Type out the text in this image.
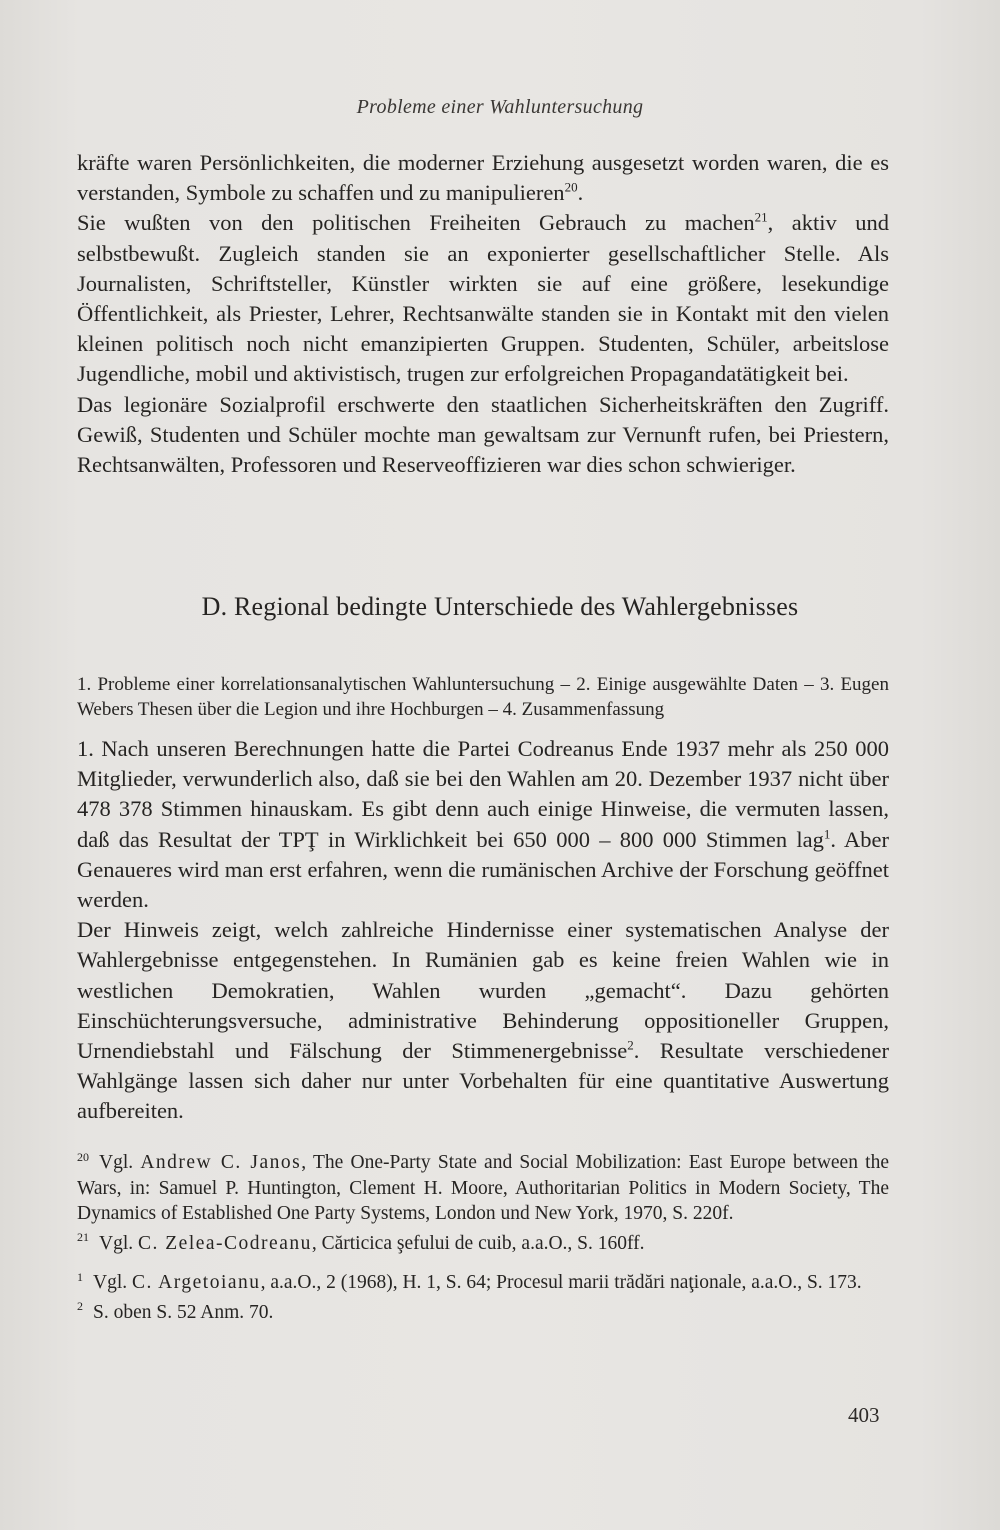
Probleme einer Wahluntersuchung

kräfte waren Persönlichkeiten, die moderner Erziehung ausgesetzt worden waren, die es verstanden, Symbole zu schaffen und zu manipulieren$^{20}$.

Sie wußten von den politischen Freiheiten Gebrauch zu machen$^{21}$, aktiv und selbstbewußt. Zugleich standen sie an exponierter gesellschaftlicher Stelle. Als Journalisten, Schriftsteller, Künstler wirkten sie auf eine größere, lesekundige Öffentlichkeit, als Priester, Lehrer, Rechtsanwälte standen sie in Kontakt mit den vielen kleinen politisch noch nicht emanzipierten Gruppen. Studenten, Schüler, arbeitslose Jugendliche, mobil und aktivistisch, trugen zur erfolgreichen Propagandatätigkeit bei.

Das legionäre Sozialprofil erschwerte den staatlichen Sicherheitskräften den Zugriff. Gewiß, Studenten und Schüler mochte man gewaltsam zur Vernunft rufen, bei Priestern, Rechtsanwälten, Professoren und Reserveoffizieren war dies schon schwieriger.

D. Regional bedingte Unterschiede des Wahlergebnisses
1. Probleme einer korrelationsanalytischen Wahluntersuchung – 2. Einige ausgewählte Daten – 3. Eugen Webers Thesen über die Legion und ihre Hochburgen – 4. Zusammenfassung

1. Nach unseren Berechnungen hatte die Partei Codreanus Ende 1937 mehr als 250 000 Mitglieder, verwunderlich also, daß sie bei den Wahlen am 20. Dezember 1937 nicht über 478 378 Stimmen hinauskam. Es gibt denn auch einige Hinweise, die vermuten lassen, daß das Resultat der TPŢ in Wirklichkeit bei 650 000 – 800 000 Stimmen lag$^1$. Aber Genaueres wird man erst erfahren, wenn die rumänischen Archive der Forschung geöffnet werden.

Der Hinweis zeigt, welch zahlreiche Hindernisse einer systematischen Analyse der Wahlergebnisse entgegenstehen. In Rumänien gab es keine freien Wahlen wie in westlichen Demokratien, Wahlen wurden „gemacht“. Dazu gehörten Einschüchterungsversuche, administrative Behinderung oppositioneller Gruppen, Urnendiebstahl und Fälschung der Stimmenergebnisse$^2$. Resultate verschiedener Wahlgänge lassen sich daher nur unter Vorbehalten für eine quantitative Auswertung aufbereiten.

$^{20}$ Vgl. Andrew C. Janos, The One-Party State and Social Mobilization: East Europe between the Wars, in: Samuel P. Huntington, Clement H. Moore, Authoritarian Politics in Modern Society, The Dynamics of Established One Party Systems, London und New York, 1970, S. 220f.

$^{21}$ Vgl. C. Zelea-Codreanu, Cărticica şefului de cuib, a.a.O., S. 160ff.

$^1$ Vgl. C. Argetoianu, a.a.O., 2 (1968), H. 1, S. 64; Procesul marii trădări naţionale, a.a.O., S. 173.

$^2$ S. oben S. 52 Anm. 70.

403
